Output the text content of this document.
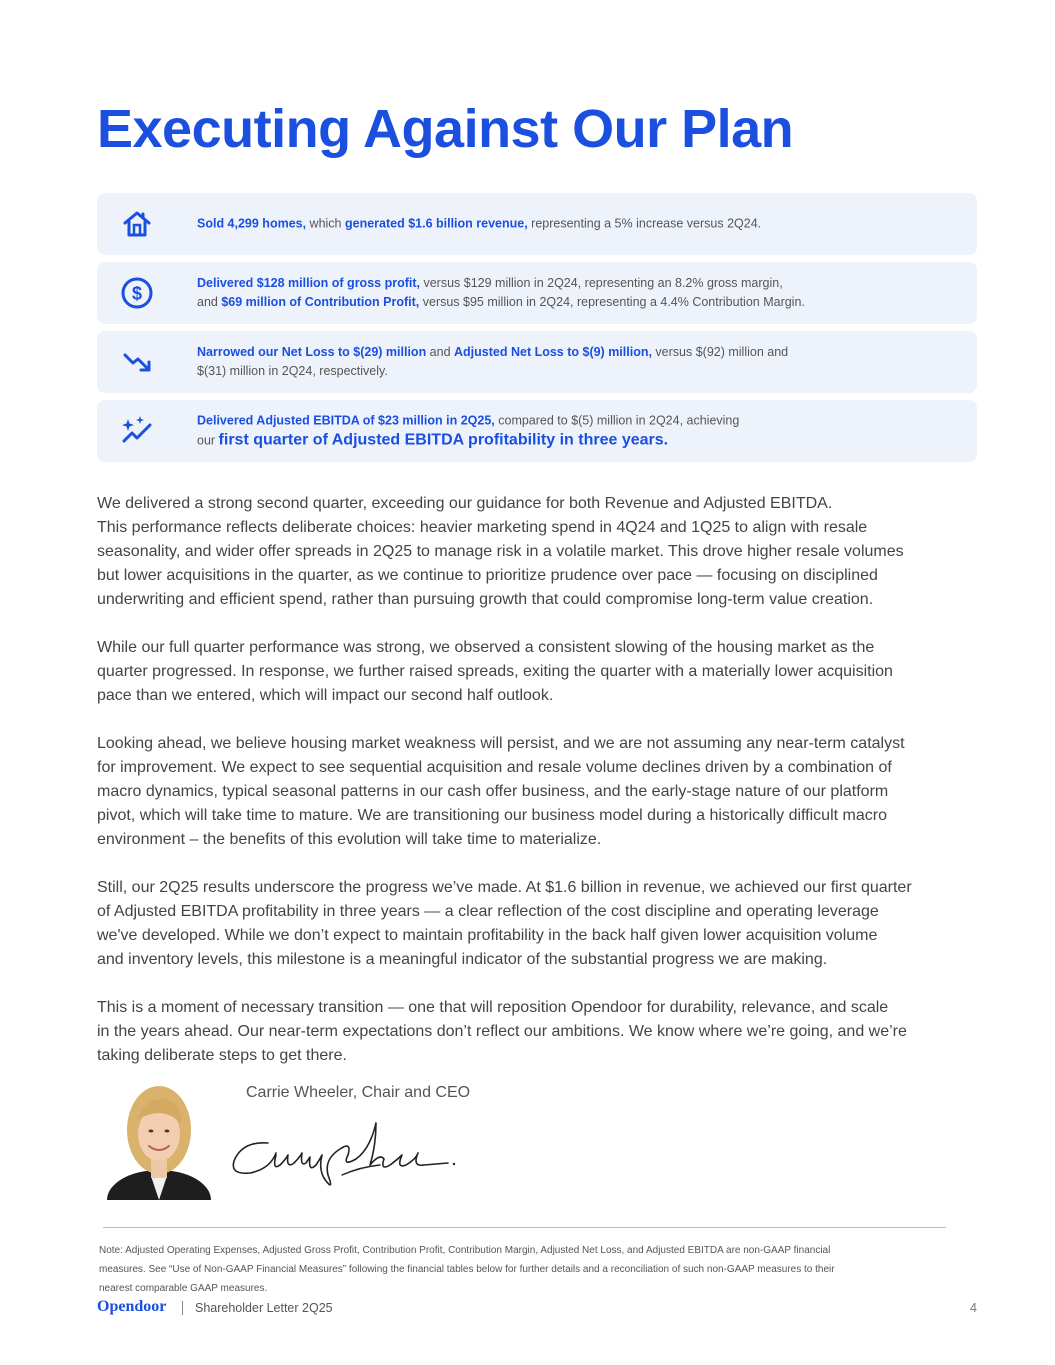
Executing Against Our Plan
Sold 4,299 homes, which generated $1.6 billion revenue, representing a 5% increase versus 2Q24.
$
Delivered $128 million of gross profit, versus $129 million in 2Q24, representing an 8.2% gross margin,
and $69 million of Contribution Profit, versus $95 million in 2Q24, representing a 4.4% Contribution Margin.
Narrowed our Net Loss to $(29) million and Adjusted Net Loss to $(9) million, versus $(92) million and
$(31) million in 2Q24, respectively.
Delivered Adjusted EBITDA of $23 million in 2Q25, compared to $(5) million in 2Q24, achieving
our first quarter of Adjusted EBITDA profitability in three years.

We delivered a strong second quarter, exceeding our guidance for both Revenue and Adjusted EBITDA.
This performance reflects deliberate choices: heavier marketing spend in 4Q24 and 1Q25 to align with resale
seasonality, and wider offer spreads in 2Q25 to manage risk in a volatile market. This drove higher resale volumes
but lower acquisitions in the quarter, as we continue to prioritize prudence over pace — focusing on disciplined
underwriting and efficient spend, rather than pursuing growth that could compromise long-term value creation.

While our full quarter performance was strong, we observed a consistent slowing of the housing market as the
quarter progressed. In response, we further raised spreads, exiting the quarter with a materially lower acquisition
pace than we entered, which will impact our second half outlook.

Looking ahead, we believe housing market weakness will persist, and we are not assuming any near-term catalyst
for improvement. We expect to see sequential acquisition and resale volume declines driven by a combination of
macro dynamics, typical seasonal patterns in our cash offer business, and the early-stage nature of our platform
pivot, which will take time to mature. We are transitioning our business model during a historically difficult macro
environment – the benefits of this evolution will take time to materialize.

Still, our 2Q25 results underscore the progress we’ve made. At $1.6 billion in revenue, we achieved our first quarter
of Adjusted EBITDA profitability in three years — a clear reflection of the cost discipline and operating leverage
we've developed. While we don’t expect to maintain profitability in the back half given lower acquisition volume
and inventory levels, this milestone is a meaningful indicator of the substantial progress we are making.

This is a moment of necessary transition — one that will reposition Opendoor for durability, relevance, and scale
in the years ahead. Our near-term expectations don’t reflect our ambitions. We know where we’re going, and we’re
taking deliberate steps to get there.

Carrie Wheeler, Chair and CEO
Note: Adjusted Operating Expenses, Adjusted Gross Profit, Contribution Profit, Contribution Margin, Adjusted Net Loss, and Adjusted EBITDA are non-GAAP financial
measures. See “Use of Non-GAAP Financial Measures” following the financial tables below for further details and a reconciliation of such non-GAAP measures to their
nearest comparable GAAP measures.
Opendoor Shareholder Letter 2Q25	4
